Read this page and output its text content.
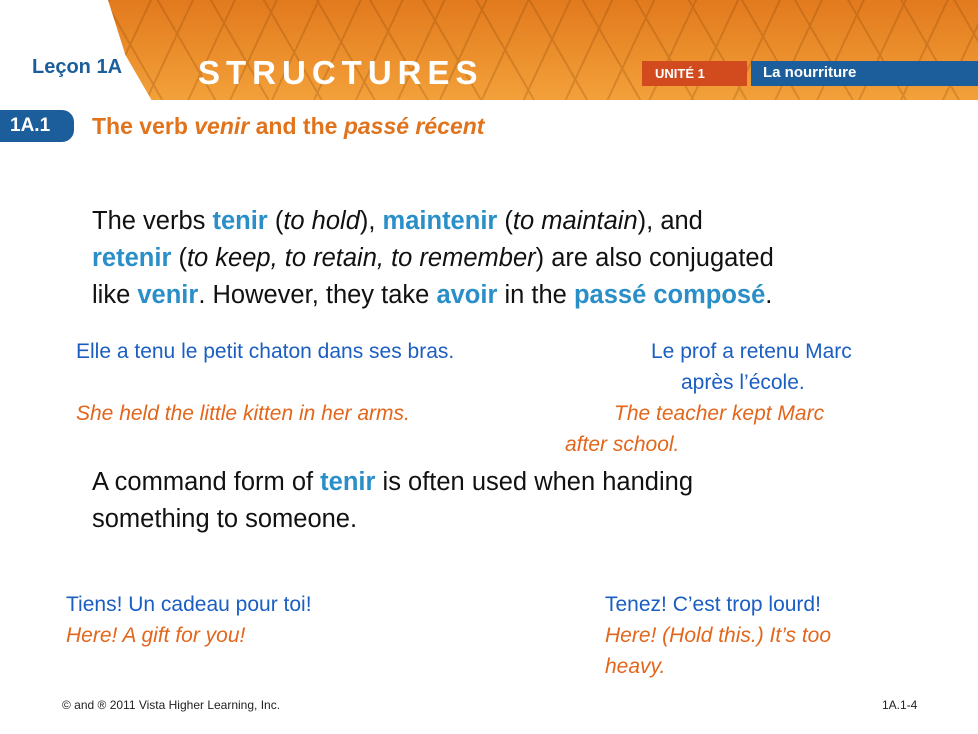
Leçon 1A STRUCTURES	UNITÉ 1	La nourriture
1A.1 The verb venir and the passé récent
The verbs tenir (to hold), maintenir (to maintain), and
retenir (to keep, to retain, to remember) are also conjugated
like venir. However, they take avoir in the passé composé.
Elle a tenu le petit chaton dans ses bras.
She held the little kitten in her arms.
Le prof a retenu Marc
après l’école.
The teacher kept Marc
after school.
A command form of tenir is often used when handing
something to someone.
Tiens! Un cadeau pour toi!
Here! A gift for you!
Tenez! C’est trop lourd!
Here! (Hold this.) It’s too
heavy.
© and ® 2011 Vista Higher Learning, Inc.	1A.1-4
